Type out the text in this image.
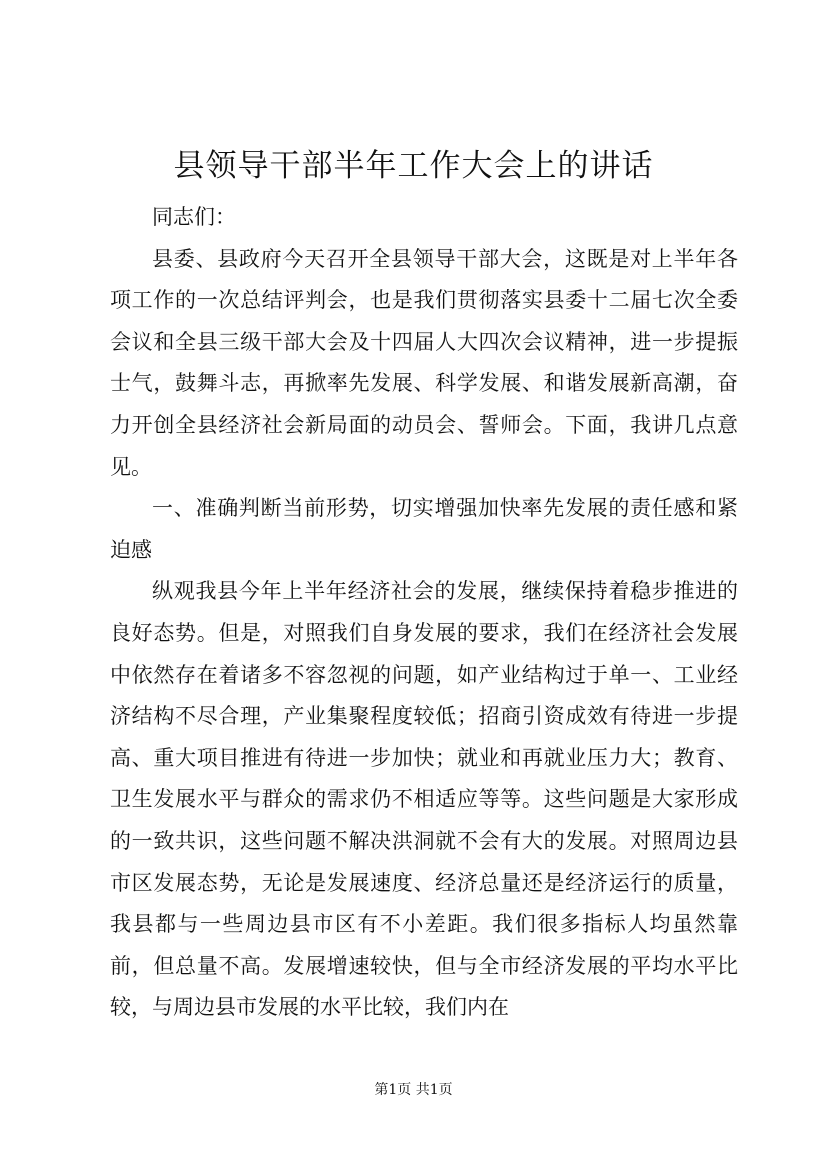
县领导干部半年工作大会上的讲话

同志们：

县委、县政府今天召开全县领导干部大会，这既是对上半年各项工作的一次总结评判会，也是我们贯彻落实县委十二届七次全委会议和全县三级干部大会及十四届人大四次会议精神，进一步提振士气，鼓舞斗志，再掀率先发展、科学发展、和谐发展新高潮，奋力开创全县经济社会新局面的动员会、誓师会。下面，我讲几点意见。

一、准确判断当前形势，切实增强加快率先发展的责任感和紧迫感

纵观我县今年上半年经济社会的发展，继续保持着稳步推进的良好态势。但是，对照我们自身发展的要求，我们在经济社会发展中依然存在着诸多不容忽视的问题，如产业结构过于单一、工业经济结构不尽合理，产业集聚程度较低；招商引资成效有待进一步提高、重大项目推进有待进一步加快；就业和再就业压力大；教育、卫生发展水平与群众的需求仍不相适应等等。这些问题是大家形成的一致共识，这些问题不解决洪洞就不会有大的发展。对照周边县市区发展态势，无论是发展速度、经济总量还是经济运行的质量，我县都与一些周边县市区有不小差距。我们很多指标人均虽然靠前，但总量不高。发展增速较快，但与全市经济发展的平均水平比较，与周边县市发展的水平比较，我们内在

第1页 共1页
